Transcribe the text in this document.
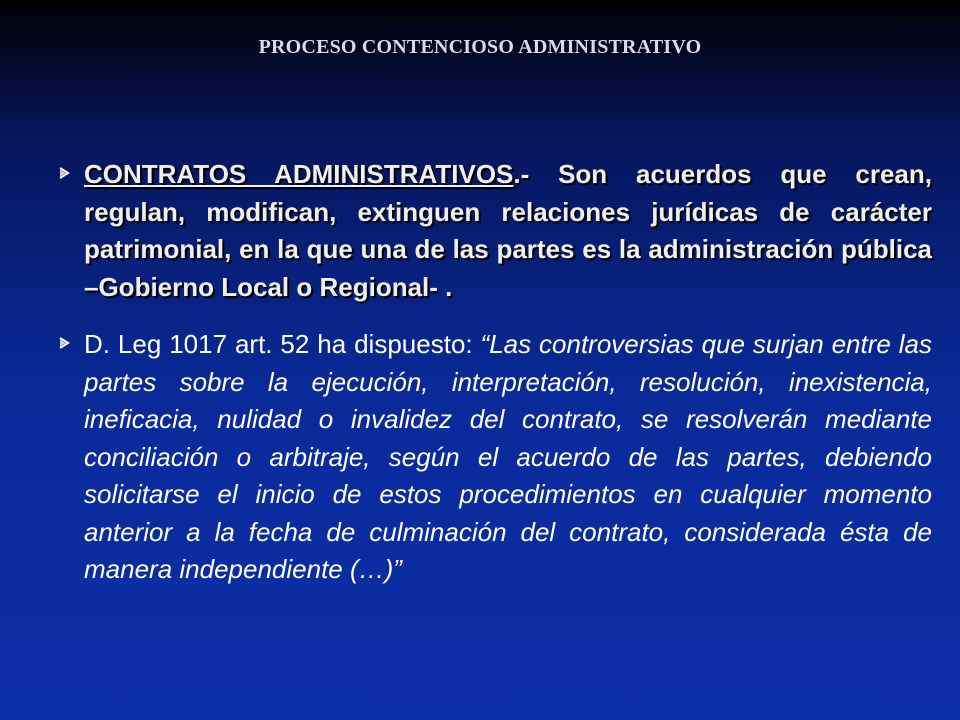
PROCESO CONTENCIOSO ADMINISTRATIVO
CONTRATOS ADMINISTRATIVOS.- Son acuerdos que crean, regulan, modifican, extinguen relaciones jurídicas de carácter patrimonial, en la que una de las partes es la administración pública –Gobierno Local o Regional- .
D. Leg 1017 art. 52 ha dispuesto: “Las controversias que surjan entre las partes sobre la ejecución, interpretación, resolución, inexistencia, ineficacia, nulidad o invalidez del contrato, se resolverán mediante conciliación o arbitraje, según el acuerdo de las partes, debiendo solicitarse el inicio de estos procedimientos en cualquier momento anterior a la fecha de culminación del contrato, considerada ésta de manera independiente (…)”
